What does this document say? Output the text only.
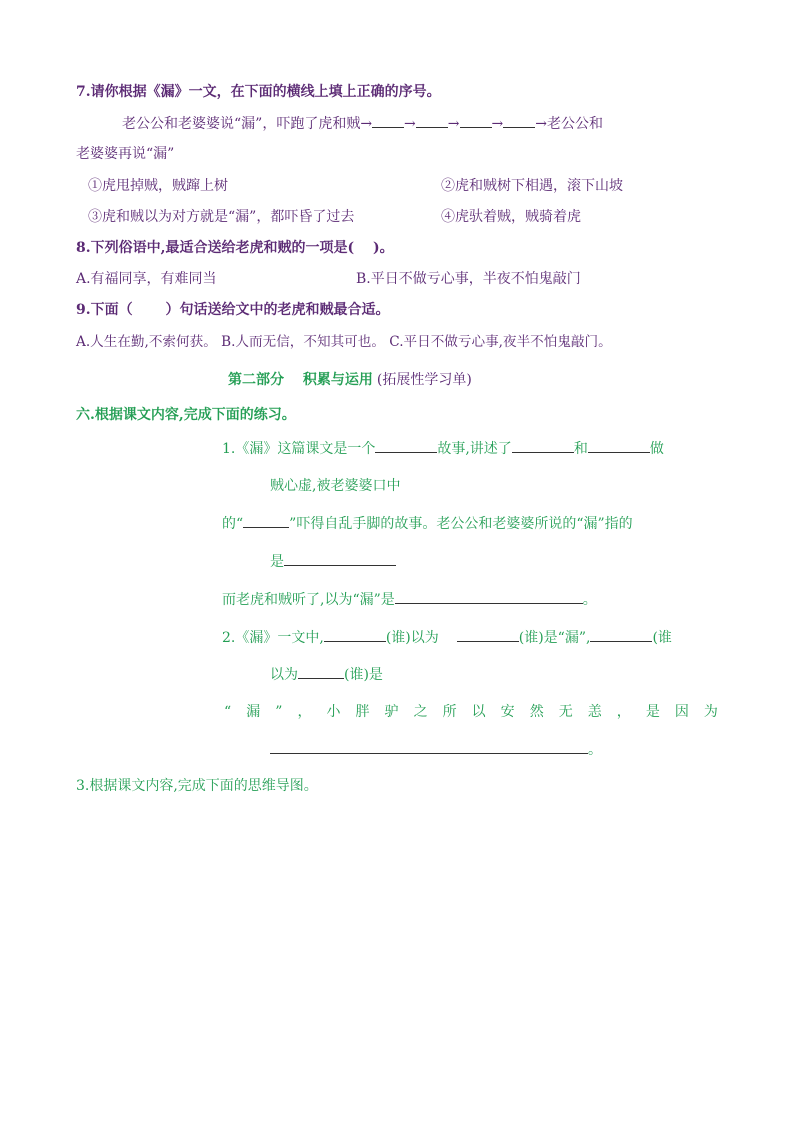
7.请你根据《漏》一文，在下面的横线上填上正确的序号。
老公公和老婆婆说“漏”，吓跑了虎和贼→ → → → →老公公和
老婆婆再说“漏”
①虎甩掉贼，贼蹿上树	②虎和贼树下相遇，滚下山坡
③虎和贼以为对方就是“漏”，都吓昏了过去	④虎驮着贼，贼骑着虎
8.下列俗语中,最适合送给老虎和贼的一项是(　 )。
A.有福同享，有难同当	B.平日不做亏心事，半夜不怕鬼敲门
9.下面（　　 ）句话送给文中的老虎和贼最合适。
A.人生在勤,不索何获。 B.人而无信，不知其可也。 C.平日不做亏心事,夜半不怕鬼敲门。
第二部分　 积累与运用 (拓展性学习单)
六.根据课文内容,完成下面的练习。
1.《漏》这篇课文是一个	故事,讲述了	和	做
贼心虚,被老婆婆口中
的“	”吓得自乱手脚的故事。老公公和老婆婆所说的“漏”指的
是
而老虎和贼听了,以为“漏”是	。
2.《漏》一文中,	(谁)以为	(谁)是“漏”,	(谁
以为	(谁)是
“ 漏 ” ， 小 胖 驴 之 所 以 安 然 无 恙 ， 是 因 为
。
3.根据课文内容,完成下面的思维导图。
